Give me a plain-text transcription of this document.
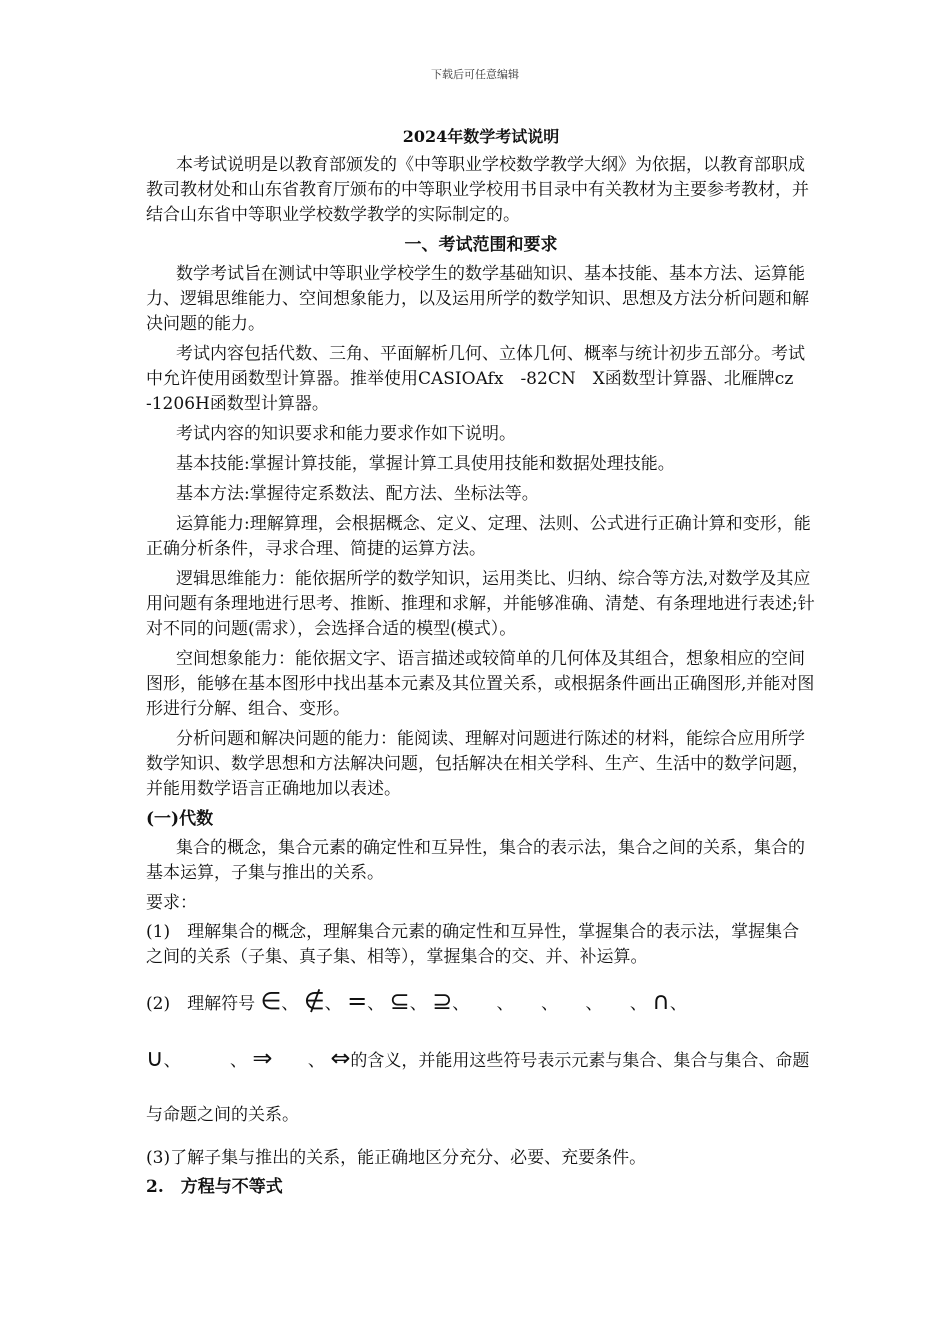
下载后可任意编辑

2024年数学考试说明

本考试说明是以教育部颁发的《中等职业学校数学教学大纲》为依据，以教育部职成教司教材处和山东省教育厅颁布的中等职业学校用书目录中有关教材为主要参考教材，并结合山东省中等职业学校数学教学的实际制定的。

一、考试范围和要求

数学考试旨在测试中等职业学校学生的数学基础知识、基本技能、基本方法、运算能力、逻辑思维能力、空间想象能力，以及运用所学的数学知识、思想及方法分析问题和解决问题的能力。

考试内容包括代数、三角、平面解析几何、立体几何、概率与统计初步五部分。考试中允许使用函数型计算器。推举使用CASIOAfx　-82CN　X函数型计算器、北雁牌cz -1206H函数型计算器。

考试内容的知识要求和能力要求作如下说明。

基本技能:掌握计算技能，掌握计算工具使用技能和数据处理技能。

基本方法:掌握待定系数法、配方法、坐标法等。

运算能力:理解算理，会根据概念、定义、定理、法则、公式进行正确计算和变形，能正确分析条件，寻求合理、简捷的运算方法。

逻辑思维能力：能依据所学的数学知识，运用类比、归纳、综合等方法,对数学及其应用问题有条理地进行思考、推断、推理和求解，并能够准确、清楚、有条理地进行表述;针对不同的问题(需求），会选择合适的模型(模式）。

空间想象能力：能依据文字、语言描述或较简单的几何体及其组合，想象相应的空间图形，能够在基本图形中找出基本元素及其位置关系，或根据条件画出正确图形,并能对图形进行分解、组合、变形。

分析问题和解决问题的能力：能阅读、理解对问题进行陈述的材料，能综合应用所学数学知识、数学思想和方法解决问题，包括解决在相关学科、生产、生活中的数学问题，并能用数学语言正确地加以表述。

(一)代数

集合的概念，集合元素的确定性和互异性，集合的表示法，集合之间的关系，集合的基本运算，子集与推出的关系。

要求：

(1)　理解集合的概念，理解集合元素的确定性和互异性，掌握集合的表示法，掌握集合之间的关系（子集、真子集、相等），掌握集合的交、并、补运算。

(2)　理解符号 ∈、 ∉、 =、 ⊆、 ⊇、 、 、 、 、 ∩、
∪、	、 ⇒ 、 ⇔的含义，并能用这些符号表示元素与集合、集合与集合、命题与命题之间的关系。

(3)了解子集与推出的关系，能正确地区分充分、必要、充要条件。

2.　方程与不等式
